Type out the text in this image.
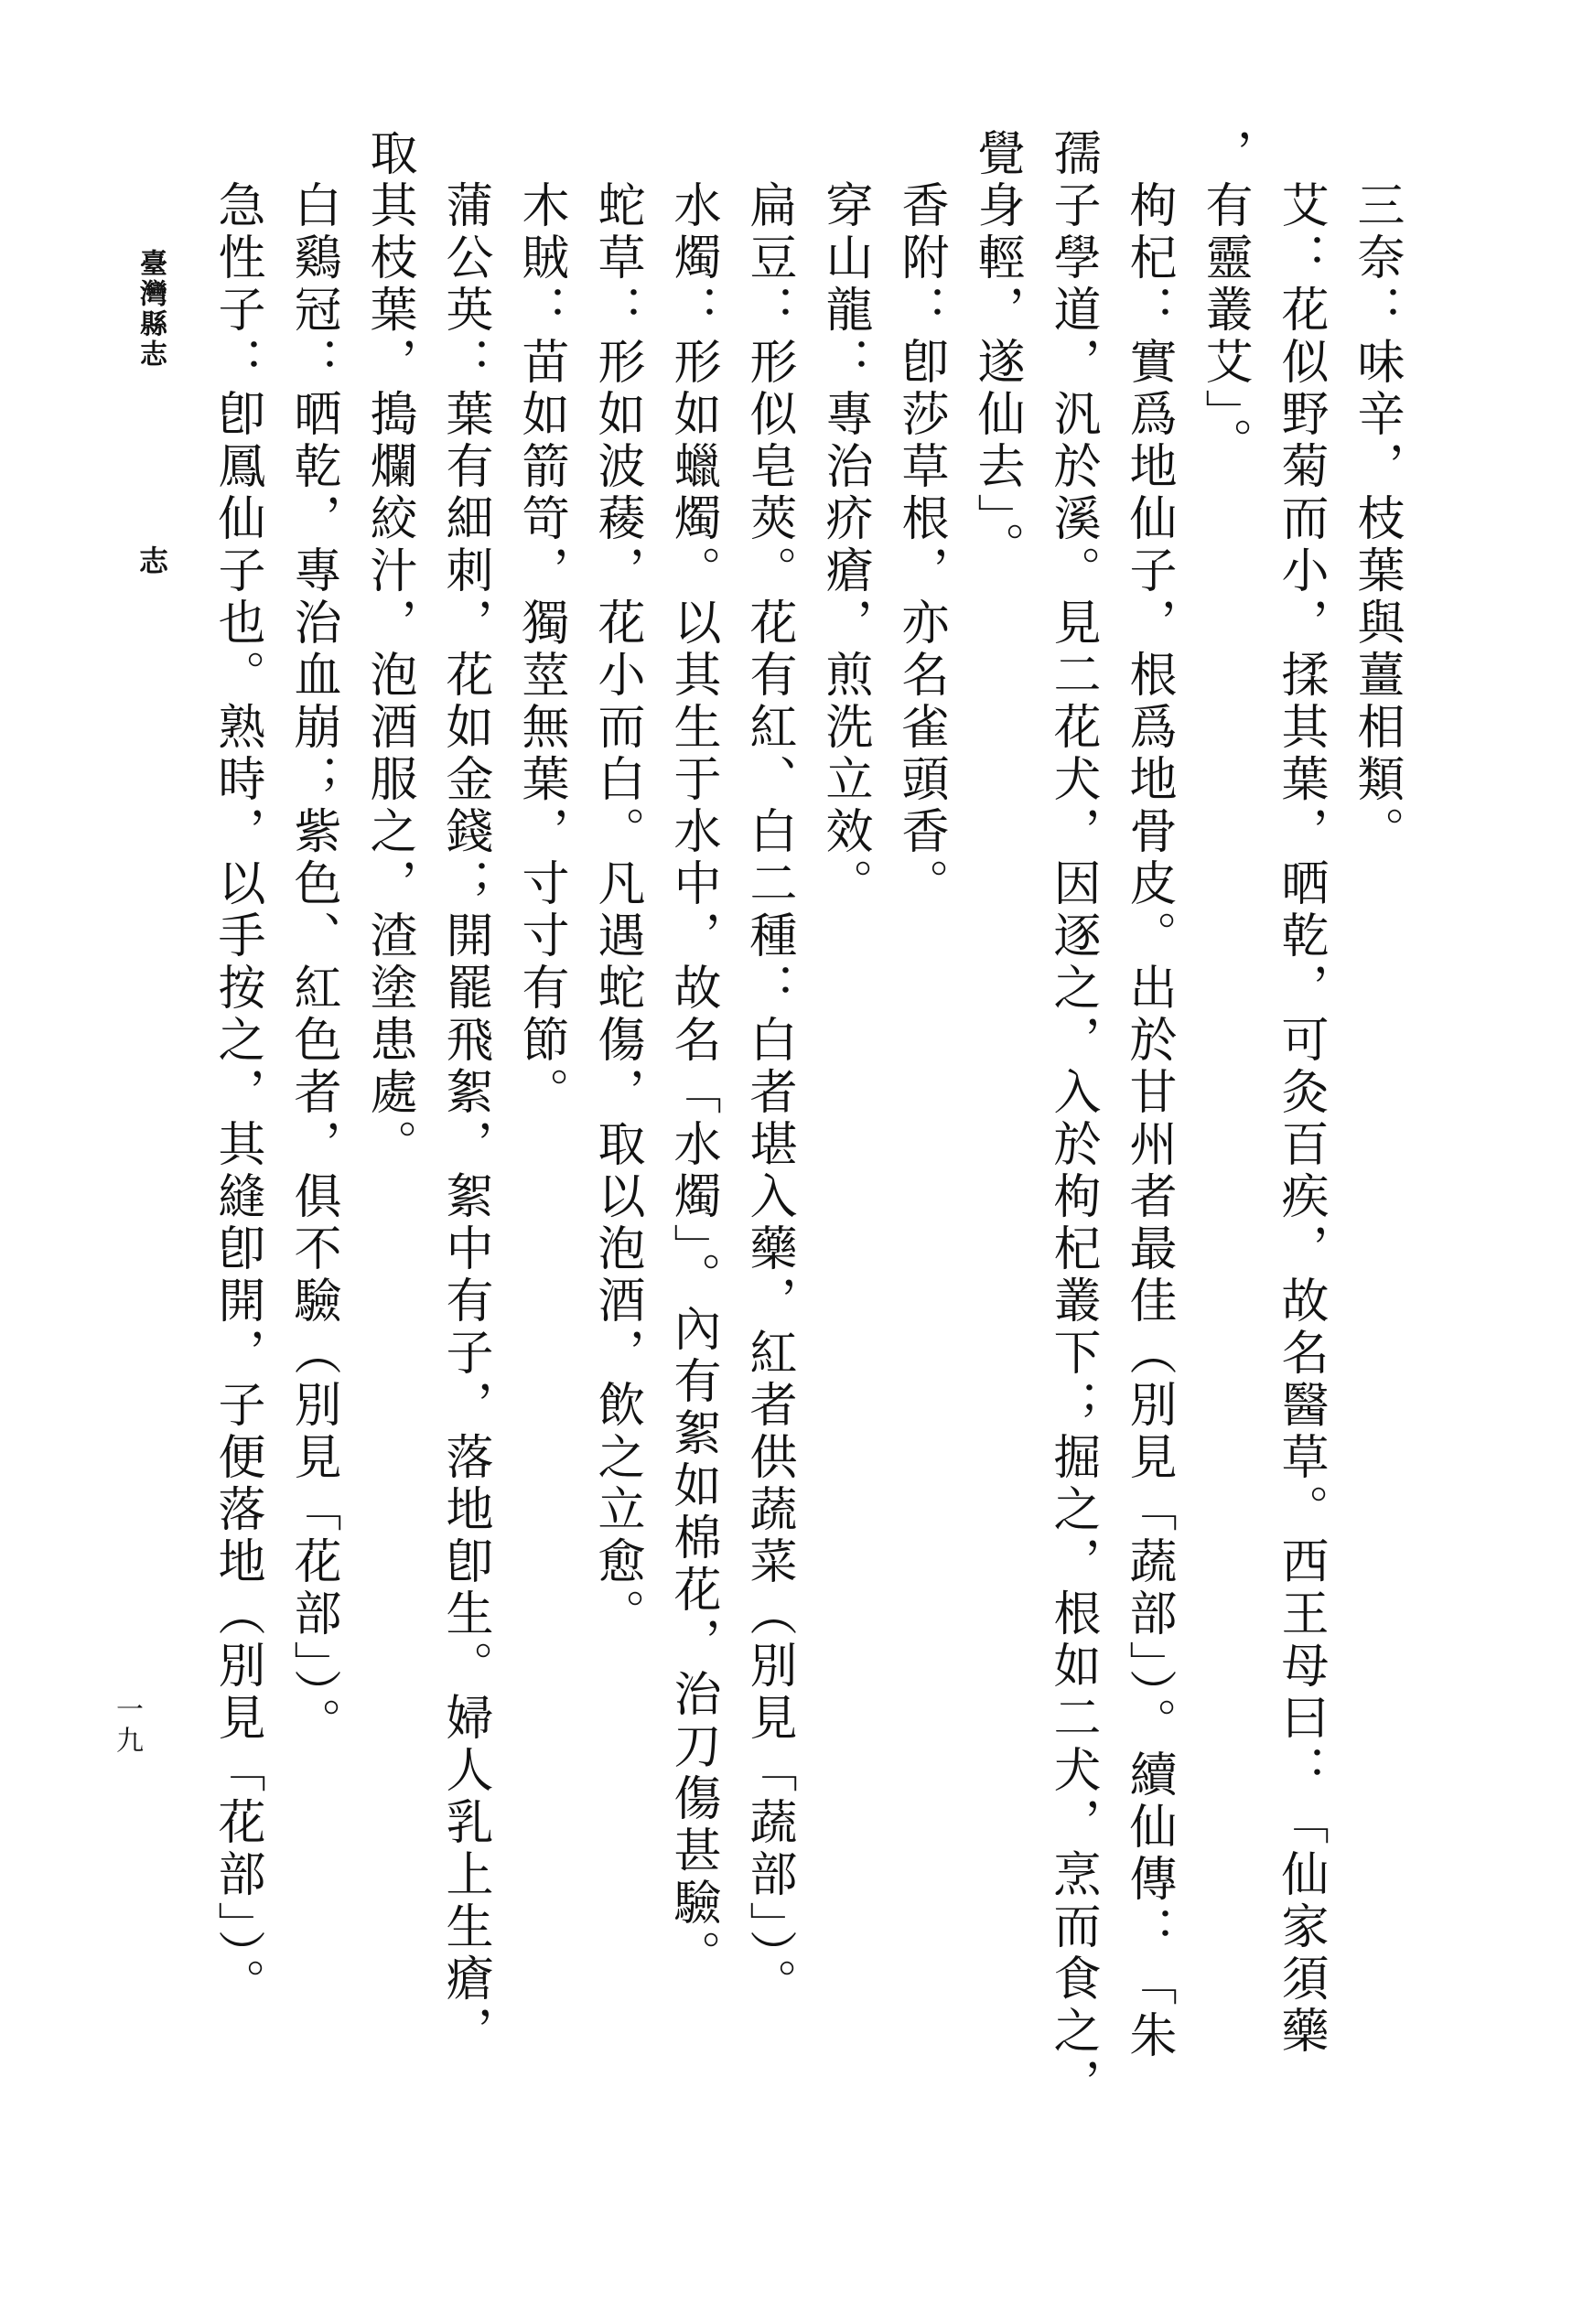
臺灣縣志
志	三奈：味辛，枝葉與薑相類。
艾：花似野菊而小，揉其葉，晒乾，可灸百疾，故名醫草。西王母曰：「仙家須藥
，有靈叢艾」。
枸杞：實爲地仙子，根爲地骨皮。出於甘州者最佳（別見「蔬部」）。續仙傳：「朱
孺子學道，汎於溪。見二花犬，因逐之，入於枸杞叢下；掘之，根如二犬，烹而食之，
覺身輕，遂仙去」。
香附：卽莎草根，亦名雀頭香。
穿山龍：專治疥瘡，煎洗立效。
扁豆：形似皂莢。花有紅、白二種：白者堪入藥，紅者供蔬菜（別見「蔬部」）。
水燭：形如蠟燭。以其生于水中，故名「水燭」。內有絮如棉花，治刀傷甚驗。
蛇草：形如波薐，花小而白。凡遇蛇傷，取以泡酒，飲之立愈。
木賊：苗如箭笴，獨莖無葉，寸寸有節。
蒲公英：葉有細刺，花如金錢；開罷飛絮，絮中有子，落地卽生。婦人乳上生瘡，
取其枝葉，搗爛絞汁，泡酒服之，渣塗患處。
白鷄冠：晒乾，專治血崩；紫色、紅色者，俱不驗（別見「花部」）。
急性子：卽鳳仙子也。熟時，以手按之，其縫卽開，子便落地（別見「花部」）。
一九
